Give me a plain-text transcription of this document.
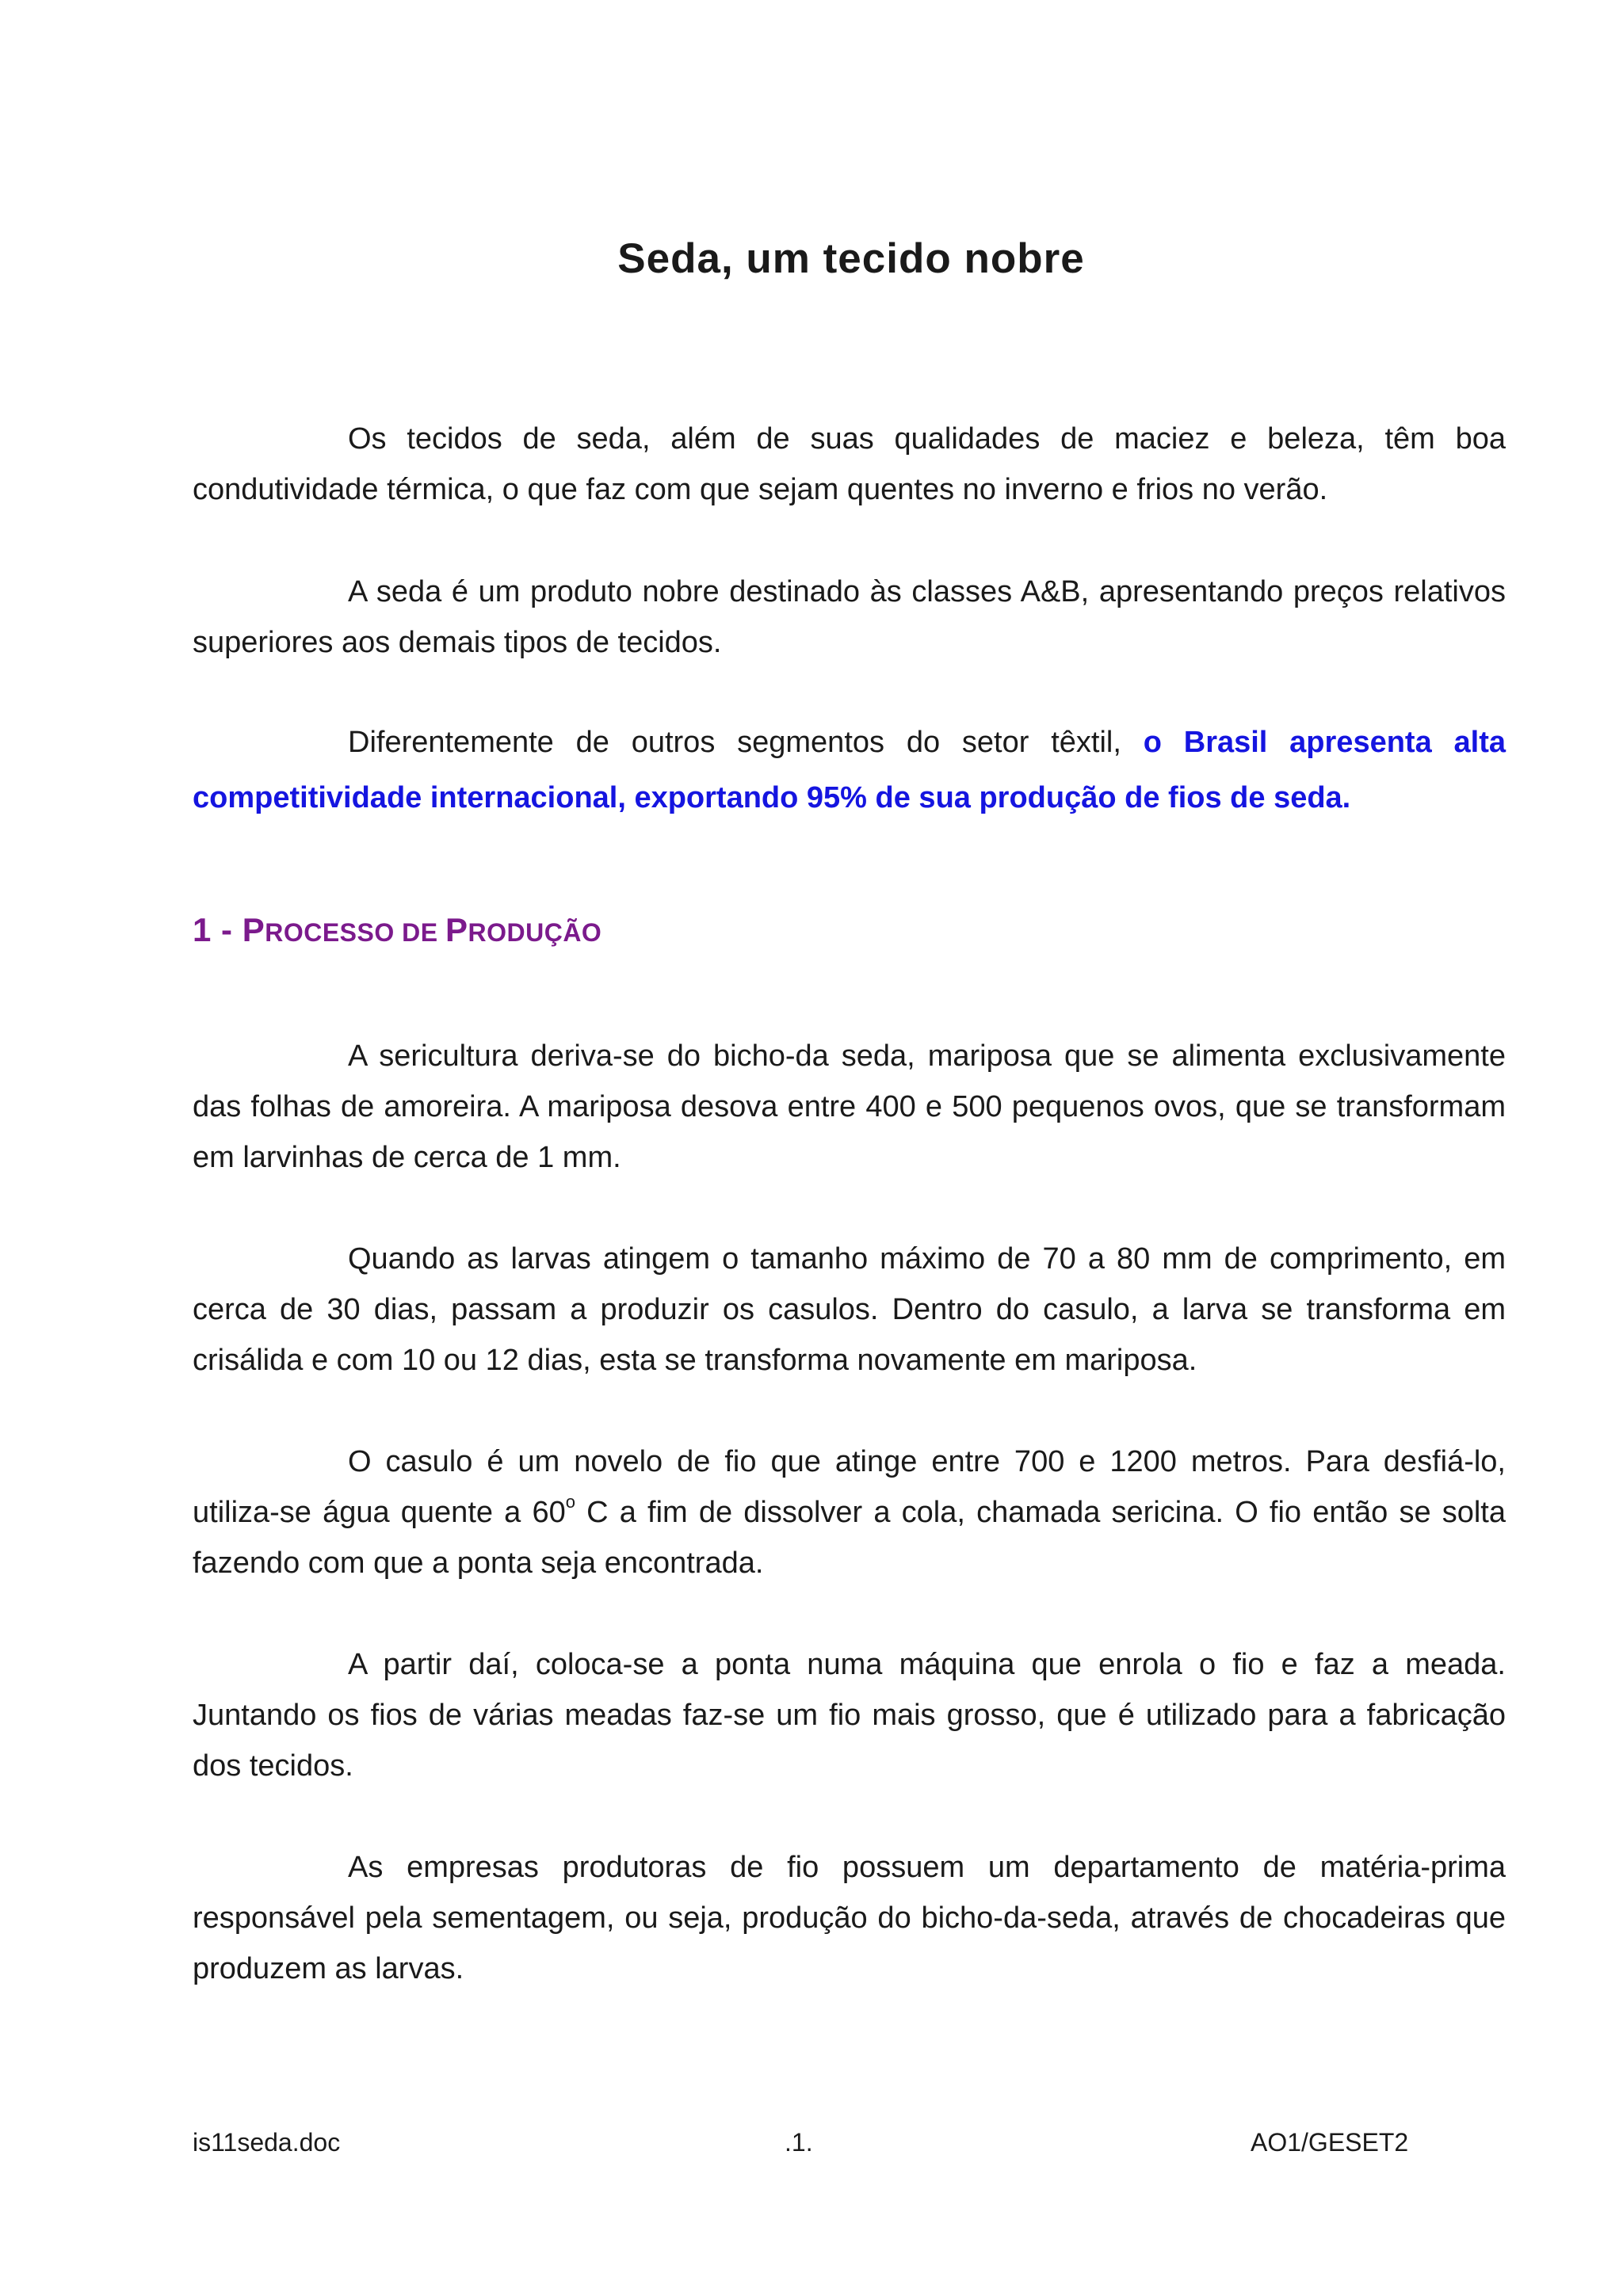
Seda, um tecido nobre

Os tecidos de seda, além de suas qualidades de maciez e beleza, têm boa condutividade térmica, o que faz com que sejam quentes no inverno e frios no verão.

A seda é um produto nobre destinado às classes A&B, apresentando preços relativos superiores aos demais tipos de tecidos.

Diferentemente de outros segmentos do setor têxtil, o Brasil apresenta alta competitividade internacional, exportando 95% de sua produção de fios de seda.

1 - PROCESSO DE PRODUÇÃO

A sericultura deriva-se do bicho-da seda, mariposa que se alimenta exclusivamente das folhas de amoreira. A mariposa desova entre 400 e 500 pequenos ovos, que se transformam em larvinhas de cerca de 1 mm.

Quando as larvas atingem o tamanho máximo de 70 a 80 mm de comprimento, em cerca de 30 dias, passam a produzir os casulos. Dentro do casulo, a larva se transforma em crisálida e com 10 ou 12 dias, esta se transforma novamente em mariposa.

O casulo é um novelo de fio que atinge entre 700 e 1200 metros. Para desfiá-lo, utiliza-se água quente a 60$^o$ C a fim de dissolver a cola, chamada sericina. O fio então se solta fazendo com que a ponta seja encontrada.

A partir daí, coloca-se a ponta numa máquina que enrola o fio e faz a meada. Juntando os fios de várias meadas faz-se um fio mais grosso, que é utilizado para a fabricação dos tecidos.

As empresas produtoras de fio possuem um departamento de matéria-prima responsável pela sementagem, ou seja, produção do bicho-da-seda, através de chocadeiras que produzem as larvas.

is11seda.doc	.1.	AO1/GESET2
